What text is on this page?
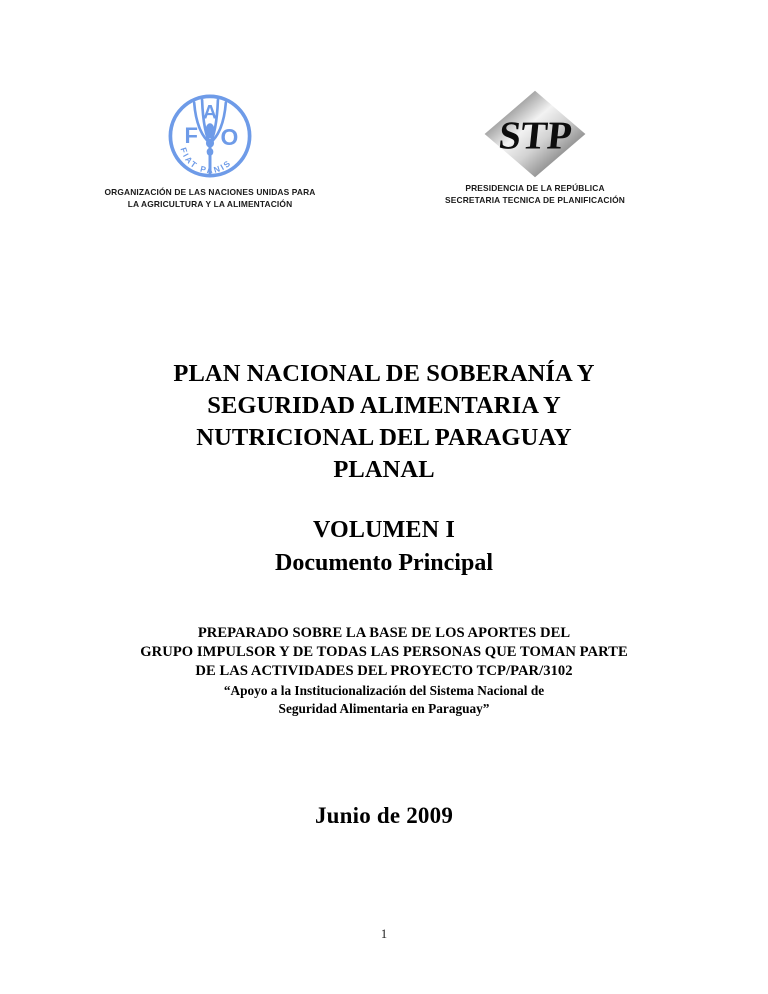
F
A
O
FIAT PANIS
ORGANIZACIÓN DE LAS NACIONES UNIDAS PARA
LA AGRICULTURA Y LA ALIMENTACIÓN
STP
PRESIDENCIA DE LA REPÚBLICA
SECRETARIA TECNICA DE PLANIFICACIÓN
PLAN NACIONAL DE SOBERANÍA Y
SEGURIDAD ALIMENTARIA Y
NUTRICIONAL DEL PARAGUAY
PLANAL
VOLUMEN I
Documento Principal
PREPARADO SOBRE LA BASE DE LOS APORTES DEL
GRUPO IMPULSOR Y DE TODAS LAS PERSONAS QUE TOMAN PARTE
DE LAS ACTIVIDADES DEL PROYECTO TCP/PAR/3102
“Apoyo a la Institucionalización del Sistema Nacional de
Seguridad Alimentaria en Paraguay”
Junio de 2009
1
